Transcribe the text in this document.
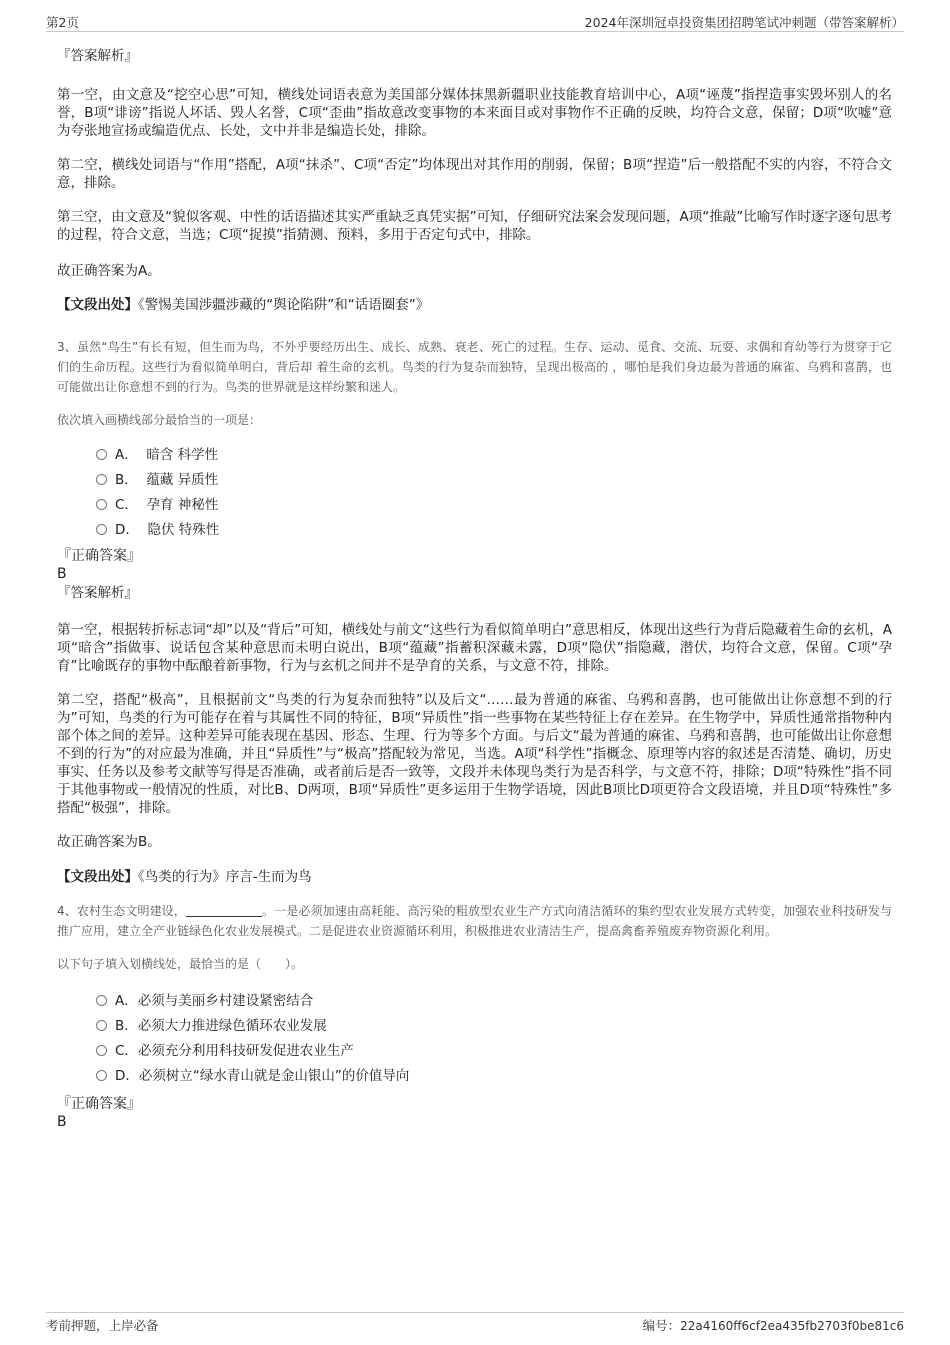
第2页	2024年深圳冠卓投资集团招聘笔试冲刺题（带答案解析）

『答案解析』

第一空，由文意及“挖空心思”可知，横线处词语表意为美国部分媒体抹黑新疆职业技能教育培训中心，A项“诬蔑”指捏造事实毁坏别人的名誉，B项“诽谤”指说人坏话、毁人名誉，C项“歪曲”指故意改变事物的本来面目或对事物作不正确的反映，均符合文意，保留；D项“吹嘘”意为夸张地宣扬或编造优点、长处，文中并非是编造长处，排除。

第二空，横线处词语与“作用”搭配，A项“抹杀”、C项“否定”均体现出对其作用的削弱，保留；B项“捏造”后一般搭配不实的内容，不符合文意，排除。

第三空，由文意及“貌似客观、中性的话语描述其实严重缺乏真凭实据”可知，仔细研究法案会发现问题，A项“推敲”比喻写作时逐字逐句思考的过程，符合文意，当选；C项“捉摸”指猜测、预料，多用于否定句式中，排除。

故正确答案为A。

【文段出处】《警惕美国涉疆涉藏的“舆论陷阱”和“话语圈套”》

3、虽然“鸟生”有长有短，但生而为鸟，不外乎要经历出生、成长、成熟、衰老、死亡的过程。生存、运动、觅食、交流、玩耍、求偶和育幼等行为贯穿于它们的生命历程。这些行为看似简单明白，背后却 着生命的玄机。鸟类的行为复杂而独特，呈现出极高的 ，哪怕是我们身边最为普通的麻雀、乌鸦和喜鹊，也可能做出让你意想不到的行为。鸟类的世界就是这样纷繁和迷人。

依次填入画横线部分最恰当的一项是：

A． 暗含 科学性
B． 蕴藏 异质性
C． 孕育 神秘性
D． 隐伏 特殊性

『正确答案』

B

『答案解析』

第一空，根据转折标志词“却”以及“背后”可知，横线处与前文“这些行为看似简单明白”意思相反，体现出这些行为背后隐藏着生命的玄机，A项“暗含”指做事、说话包含某种意思而未明白说出，B项“蕴藏”指蓄积深藏未露，D项“隐伏”指隐藏，潜伏，均符合文意，保留。C项“孕育”比喻既存的事物中酝酿着新事物，行为与玄机之间并不是孕育的关系，与文意不符，排除。

第二空，搭配“极高”，且根据前文“鸟类的行为复杂而独特”以及后文“……最为普通的麻雀、乌鸦和喜鹊，也可能做出让你意想不到的行为”可知，鸟类的行为可能存在着与其属性不同的特征，B项“异质性”指一些事物在某些特征上存在差异。在生物学中，异质性通常指物种内部个体之间的差异。这种差异可能表现在基因、形态、生理、行为等多个方面。与后文“最为普通的麻雀、乌鸦和喜鹊，也可能做出让你意想不到的行为”的对应最为准确，并且“异质性”与“极高”搭配较为常见，当选。A项“科学性”指概念、原理等内容的叙述是否清楚、确切，历史事实、任务以及参考文献等写得是否准确，或者前后是否一致等，文段并未体现鸟类行为是否科学，与文意不符，排除；D项“特殊性”指不同于其他事物或一般情况的性质，对比B、D两项，B项“异质性”更多运用于生物学语境，因此B项比D项更符合文段语境，并且D项“特殊性”多搭配“极强”，排除。

故正确答案为B。

【文段出处】《鸟类的行为》序言-生而为鸟

4、农村生态文明建设，	。一是必须加速由高耗能、高污染的粗放型农业生产方式向清洁循环的集约型农业发展方式转变，加强农业科技研发与推广应用，建立全产业链绿色化农业发展模式。二是促进农业资源循环利用，积极推进农业清洁生产，提高禽畜养殖废弃物资源化利用。

以下句子填入划横线处，最恰当的是（　　）。

A．必须与美丽乡村建设紧密结合
B．必须大力推进绿色循环农业发展
C．必须充分利用科技研发促进农业生产
D．必须树立“绿水青山就是金山银山”的价值导向

『正确答案』

B

考前押题，上岸必备	编号：22a4160ff6cf2ea435fb2703f0be81c6
